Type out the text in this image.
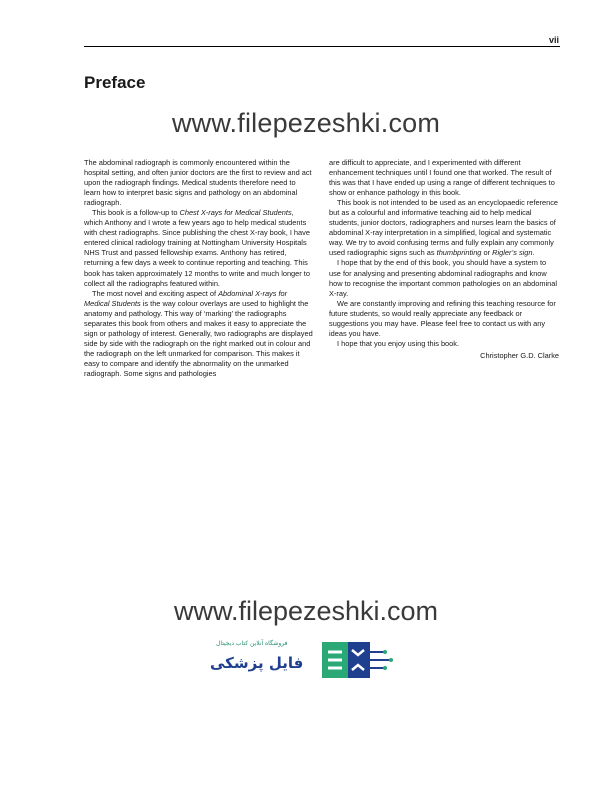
vii
Preface
www.filepezeshki.com

The abdominal radiograph is commonly encountered within the hospital setting, and often junior doctors are the first to review and act upon the radiograph findings. Medical students therefore need to learn how to interpret basic signs and pathology on an abdominal radiograph.

This book is a follow-up to Chest X-rays for Medical Students, which Anthony and I wrote a few years ago to help medical students with chest radiographs. Since publishing the chest X-ray book, I have entered clinical radiology training at Nottingham University Hospitals NHS Trust and passed fellowship exams. Anthony has retired, returning a few days a week to continue reporting and teaching. This book has taken approximately 12 months to write and much longer to collect all the radiographs featured within.

The most novel and exciting aspect of Abdominal X-rays for Medical Students is the way colour overlays are used to highlight the anatomy and pathology. This way of ‘marking’ the radiographs separates this book from others and makes it easy to appreciate the sign or pathology of interest. Generally, two radiographs are displayed side by side with the radiograph on the right marked out in colour and the radiograph on the left unmarked for comparison. This makes it easy to compare and identify the abnormality on the unmarked radiograph. Some signs and pathologies

are difficult to appreciate, and I experimented with different enhancement techniques until I found one that worked. The result of this was that I have ended up using a range of different techniques to show or enhance pathology in this book.

This book is not intended to be used as an encyclopaedic reference but as a colourful and informative teaching aid to help medical students, junior doctors, radiographers and nurses learn the basics of abdominal X-ray interpretation in a simplified, logical and systematic way. We try to avoid confusing terms and fully explain any commonly used radiographic signs such as thumbprinting or Rigler’s sign.

I hope that by the end of this book, you should have a system to use for analysing and presenting abdominal radiographs and know how to recognise the important common pathologies on an abdominal X-ray.

We are constantly improving and refining this teaching resource for future students, so would really appreciate any feedback or suggestions you may have. Please feel free to contact us with any ideas you have.

I hope that you enjoy using this book.

Christopher G.D. Clarke

www.filepezeshki.com
فروشگاه آنلاین کتاب دیجیتال
فایل پزشکی
